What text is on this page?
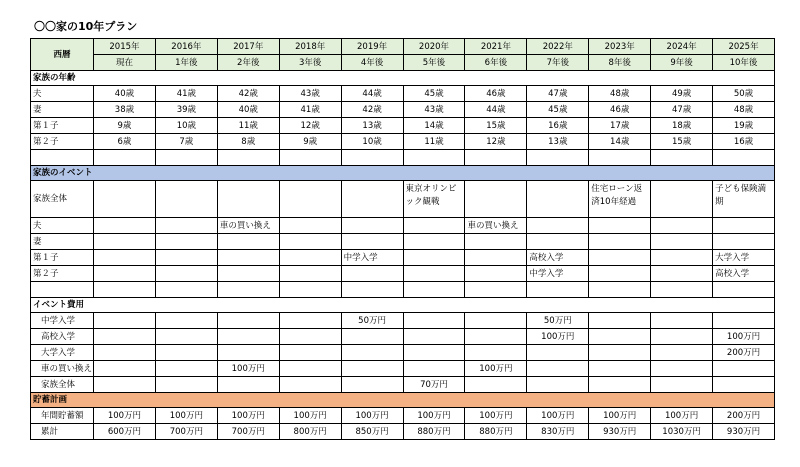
〇〇家の10年プラン
西暦	2015年	2016年	2017年	2018年	2019年	2020年	2021年	2022年	2023年	2024年	2025年
	現在	1年後	2年後	3年後	4年後	5年後	6年後	7年後	8年後	9年後	10年後
家族の年齢											
夫	40歳	41歳	42歳	43歳	44歳	45歳	46歳	47歳	48歳	49歳	50歳
妻	38歳	39歳	40歳	41歳	42歳	43歳	44歳	45歳	46歳	47歳	48歳
第１子	9歳	10歳	11歳	12歳	13歳	14歳	15歳	16歳	17歳	18歳	19歳
第２子	6歳	7歳	8歳	9歳	10歳	11歳	12歳	13歳	14歳	15歳	16歳

家族のイベント											
家族全体						東京オリンピック観戦			住宅ローン返済10年経過		子ども保険満期
夫			車の買い換え				車の買い換え				
妻											
第１子					中学入学			高校入学			大学入学
第２子								中学入学			高校入学

イベント費用											
中学入学					50万円			50万円			
高校入学								100万円			100万円
大学入学											200万円
車の買い換え			100万円				100万円				
家族全体						70万円					
貯蓄計画											
年間貯蓄額	100万円	100万円	100万円	100万円	100万円	100万円	100万円	100万円	100万円	100万円	200万円
累計	600万円	700万円	700万円	800万円	850万円	880万円	880万円	830万円	930万円	1030万円	930万円
